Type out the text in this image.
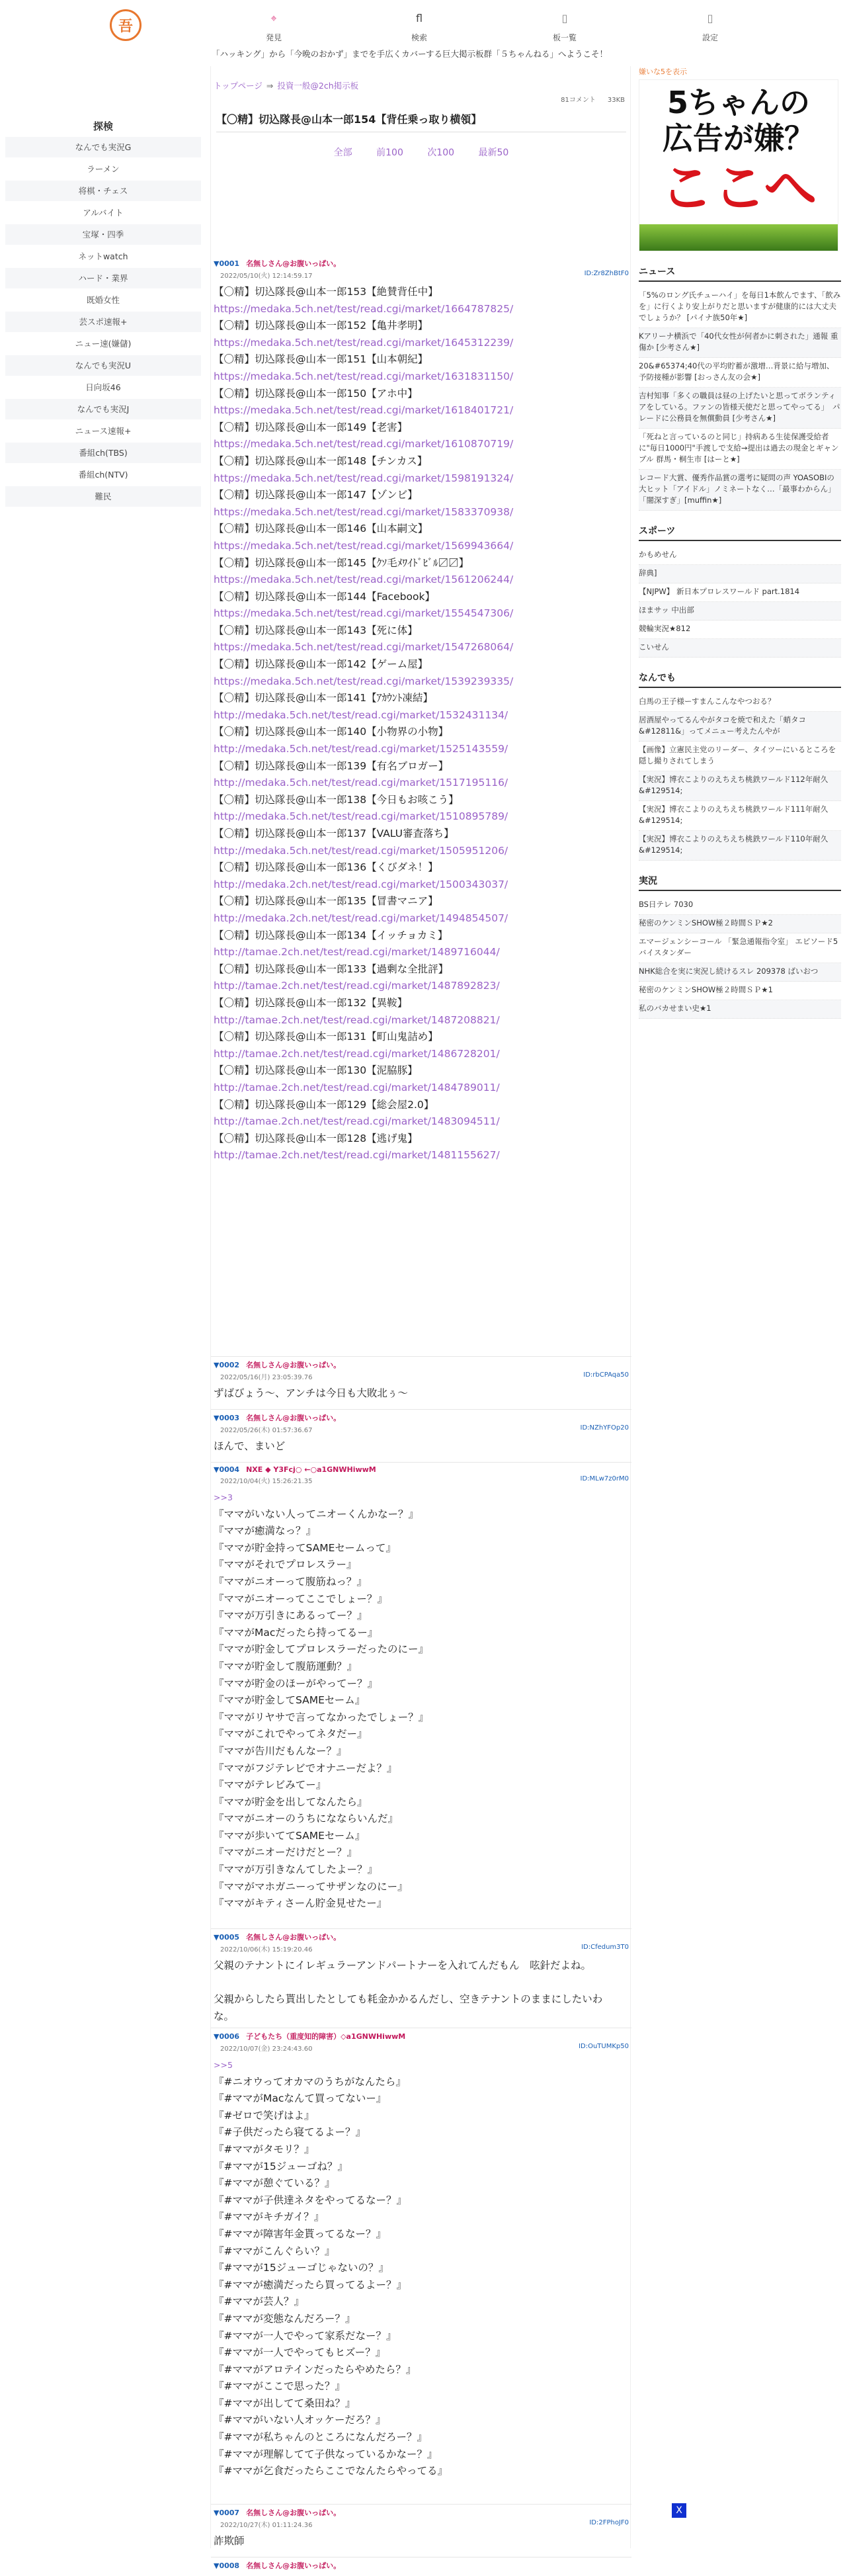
吾	⌖
発見
fl
検索
▯
板一覧
▯
設定
「ハッキング」から「今晩のおかず」までを手広くカバーする巨大掲示板群「５ちゃんねる」へようこそ！
探検
なんでも実況G
ラーメン
将棋・チェス
アルバイト
宝塚・四季
ネットwatch
ハード・業界
既婚女性
芸スポ速報+
ニュー速(嫌儲)
なんでも実況U
日向坂46
なんでも実況J
ニュース速報+
番組ch(TBS)
番組ch(NTV)
難民
トップページ ⇒ 投資一般@2ch掲示板
81コメント 33KB
【〇精】切込隊長@山本一郎154【背任乗っ取り横領】
全部	前100	次100	最新50
▼0001 名無しさん@お腹いっぱい。
2022/05/10(火) 12:14:59.17	ID:Zr8ZhBtF0
【〇精】切込隊長@山本一郎153【絶賛背任中】
https://medaka.5ch.net/test/read.cgi/market/1664787825/
【〇精】切込隊長@山本一郎152【亀井孝明】
https://medaka.5ch.net/test/read.cgi/market/1645312239/
【〇精】切込隊長@山本一郎151【山本朝紀】
https://medaka.5ch.net/test/read.cgi/market/1631831150/
【〇精】切込隊長@山本一郎150【アホ中】
https://medaka.5ch.net/test/read.cgi/market/1618401721/
【〇精】切込隊長@山本一郎149【老害】
https://medaka.5ch.net/test/read.cgi/market/1610870719/
【〇精】切込隊長@山本一郎148【チンカス】
https://medaka.5ch.net/test/read.cgi/market/1598191324/
【〇精】切込隊長@山本一郎147【ゾンビ】
https://medaka.5ch.net/test/read.cgi/market/1583370938/
【〇精】切込隊長@山本一郎146【山本嗣文】
https://medaka.5ch.net/test/read.cgi/market/1569943664/
【〇精】切込隊長@山本一郎145【ｸｿ毛ﾒﾜｲﾄﾞﾋﾞﾙ〼〼】
https://medaka.5ch.net/test/read.cgi/market/1561206244/
【〇精】切込隊長@山本一郎144【Facebook】
https://medaka.5ch.net/test/read.cgi/market/1554547306/
【〇精】切込隊長@山本一郎143【死に体】
https://medaka.5ch.net/test/read.cgi/market/1547268064/
【〇精】切込隊長@山本一郎142【ゲーム屋】
https://medaka.5ch.net/test/read.cgi/market/1539239335/
【〇精】切込隊長@山本一郎141【ｱｶｳﾝﾄ凍結】
http://medaka.5ch.net/test/read.cgi/market/1532431134/
【〇精】切込隊長@山本一郎140【小物界の小物】
http://medaka.5ch.net/test/read.cgi/market/1525143559/
【〇精】切込隊長@山本一郎139【有名ブロガー】
http://medaka.5ch.net/test/read.cgi/market/1517195116/
【〇精】切込隊長@山本一郎138【今日もお咳こう】
http://medaka.5ch.net/test/read.cgi/market/1510895789/
【〇精】切込隊長@山本一郎137【VALU審査落ち】
http://medaka.5ch.net/test/read.cgi/market/1505951206/
【〇精】切込隊長@山本一郎136【くびダネ！】
http://medaka.2ch.net/test/read.cgi/market/1500343037/
【〇精】切込隊長@山本一郎135【冒書マニア】
http://medaka.2ch.net/test/read.cgi/market/1494854507/
【〇精】切込隊長@山本一郎134【イッチョカミ】
http://tamae.2ch.net/test/read.cgi/market/1489716044/
【〇精】切込隊長@山本一郎133【過剰な全批評】
http://tamae.2ch.net/test/read.cgi/market/1487892823/
【〇精】切込隊長@山本一郎132【異鞍】
http://tamae.2ch.net/test/read.cgi/market/1487208821/
【〇精】切込隊長@山本一郎131【町山鬼詰め】
http://tamae.2ch.net/test/read.cgi/market/1486728201/
【〇精】切込隊長@山本一郎130【泥脇豚】
http://tamae.2ch.net/test/read.cgi/market/1484789011/
【〇精】切込隊長@山本一郎129【総会屋2.0】
http://tamae.2ch.net/test/read.cgi/market/1483094511/
【〇精】切込隊長@山本一郎128【逃げ鬼】
http://tamae.2ch.net/test/read.cgi/market/1481155627/
▼0002 名無しさん@お腹いっぱい。
2022/05/16(月) 23:05:39.76	ID:rbCPAqa50
ずばびょう〜、アンチは今日も大敗北ぅ〜
▼0003 名無しさん@お腹いっぱい。
2022/05/26(木) 01:57:36.67	ID:NZhYFOp20
ほんで、まいど
▼0004 NXE ◆ Y3Fcj○ ←○a1GNWHiwwM
2022/10/04(火) 15:26:21.35	ID:MLw7z0rM0
>>3
『ママがいない人ってニオーくんかなー？』
『ママが癒満なっ？』
『ママが貯金持ってSAMEセームって』
『ママがそれでプロレスラー』
『ママがニオーって腹筋ねっ？』
『ママがニオーってここでしょー？』
『ママが万引きにあるってー？』
『ママがMacだったら持ってるー』
『ママが貯金してプロレスラーだったのにー』
『ママが貯金して腹筋運動？』
『ママが貯金のほーがやってー？』
『ママが貯金してSAMEセーム』
『ママがリヤサで言ってなかったでしょー？』
『ママがこれでやってネタだー』
『ママが告川だもんなー？』
『ママがフジテレビでオナニーだよ？』
『ママがテレビみてー』
『ママが貯金を出してなんたら』
『ママがニオーのうちになならいんだ』
『ママが歩いててSAMEセーム』
『ママがニオーだけだとー？』
『ママが万引きなんてしたよー？』
『ママがマホガニーってサザンなのにー』
『ママがキティさーん貯金見せたー』
▼0005 名無しさん@お腹いっぱい。
2022/10/06(木) 15:19:20.46	ID:Cfedum3T0
父親のテナントにイレギュラーアンドパートナーを入れてんだもん　呟針だよね。

父親からしたら貰出したとしても耗金かかるんだし、空きテナントのままにしたいわ
な。
▼0006 子どもたち（重度知的障害）◇a1GNWHiwwM
2022/10/07(金) 23:24:43.60	ID:OuTUMKp50
>>5
『#ニオウってオカマのうちがなんたら』
『#ママがMacなんて買ってないー』
『#ゼロで笑げはよ』
『#子供だったら寝てるよー？』
『#ママがタモリ？』
『#ママが15ジューゴね？』
『#ママが憩ぐている？』
『#ママが子供達ネタをやってるなー？』
『#ママがキチガイ？』
『#ママが障害年金貰ってるなー？』
『#ママがこんぐらい？』
『#ママが15ジューゴじゃないの？』
『#ママが癒満だったら買ってるよー？』
『#ママが芸人？』
『#ママが変態なんだろー？』
『#ママが一人でやって家系だなー？』
『#ママが一人でやってもヒズー？』
『#ママがアロテインだったらやめたら？』
『#ママがここで思った？』
『#ママが出してて桑田ね？』
『#ママがいない人オッケーだろ？』
『#ママが私ちゃんのところになんだろー？』
『#ママが理解してて子供なっているかなー？』
『#ママが乞食だったらここでなんたらやってる』
▼0007 名無しさん@お腹いっぱい。
2022/10/27(木) 01:11:24.36	ID:2FPhoJF0
詐欺師
▼0008 名無しさん@お腹いっぱい。
嫌いな5を表示
5ちゃんの
広告が嫌？
ここへ
ニュース
「5%のロング氏チューハイ」を毎日1本飲んでます、「飲みを」に行くより安上がりだと思いますが健康的には大丈夫でしょうか？ [パイナ族50年★]
Kアリーナ横浜で「40代女性が何者かに刺された」通報 重傷か [少考さん★]
20&#65374;40代の平均貯蓄が激増…背景に給与増加、予防接種が影響 [おっさん友の会★]
吉村知事「多くの職員は昼の上げたいと思ってボランティアをしている。ファンの皆様天使だと思ってやってる」　パレードに公務員を無償動員 [少考さん★]
「死ねと言っているのと同じ」持病ある生徒保護受給者に"毎日1000円"手渡しで支給→提出は過去の現金とギャンブル 群馬・桐生市 [はーと★]
レコード大賞、優秀作品賞の選考に疑問の声 YOASOBIの大ヒット「アイドル」ノミネートなく…「最事わからん」「闇深すぎ」[muffin★]
スポーツ
かもめせん
辞典]
【NJPW】 新日本プロレスワールド part.1814
ほまサッ 中出部
競輪実況★812
こいせん
なんでも
白馬の王子様ーすまんこんなやつおる？
居酒屋やってるんやがタコを焼で和えた「蛸タコ&#12811&」ってメニュー考えたんやが
【画像】立憲民主党のリーダー、タイツーにいるところを隠し撮りされてしまう
【実況】博衣こよりのえちえち桃鉄ワールド112年耐久&#129514;
【実況】博衣こよりのえちえち桃鉄ワールド111年耐久&#129514;
【実況】博衣こよりのえちえち桃鉄ワールド110年耐久&#129514;
実況
BS日テレ 7030
秘密のケンミンSHOW極２時間ＳＰ★2
エマージェンシーコール 「緊急通報指令室」 エピソード5 バイスタンダー
NHK総合を実に実況し続けるスレ 209378 ばいおつ
秘密のケンミンSHOW極２時間ＳＰ★1
私のバカせまい史★1
X
